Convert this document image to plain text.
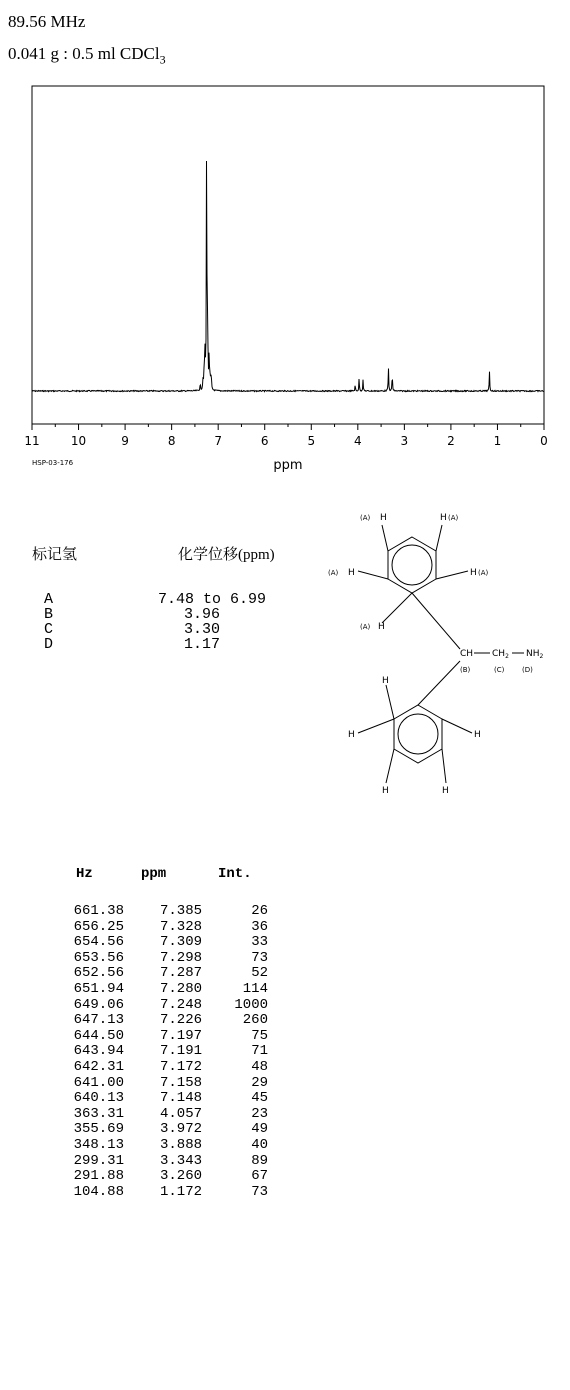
89.56 MHz
0.041 g : 0.5 ml CDCl$_3$
11	10	9	8	7	6	5	4	3	2	1	0
ppm
HSP-03-176
标记氢	化学位移(ppm)
A	7.48 to 6.99
B	3.96
C	3.30
D	1.17
(A) H	H (A)
(A) H	H (A)
(A) H
CH $CH_2$ $NH_2$
(B)	(C)	(D)
H
H	H
H	H
Hz	ppm	Int.
661.38	7.385	26
656.25	7.328	36
654.56	7.309	33
653.56	7.298	73
652.56	7.287	52
651.94	7.280	114
649.06	7.248	1000
647.13	7.226	260
644.50	7.197	75
643.94	7.191	71
642.31	7.172	48
641.00	7.158	29
640.13	7.148	45
363.31	4.057	23
355.69	3.972	49
348.13	3.888	40
299.31	3.343	89
291.88	3.260	67
104.88	1.172	73
